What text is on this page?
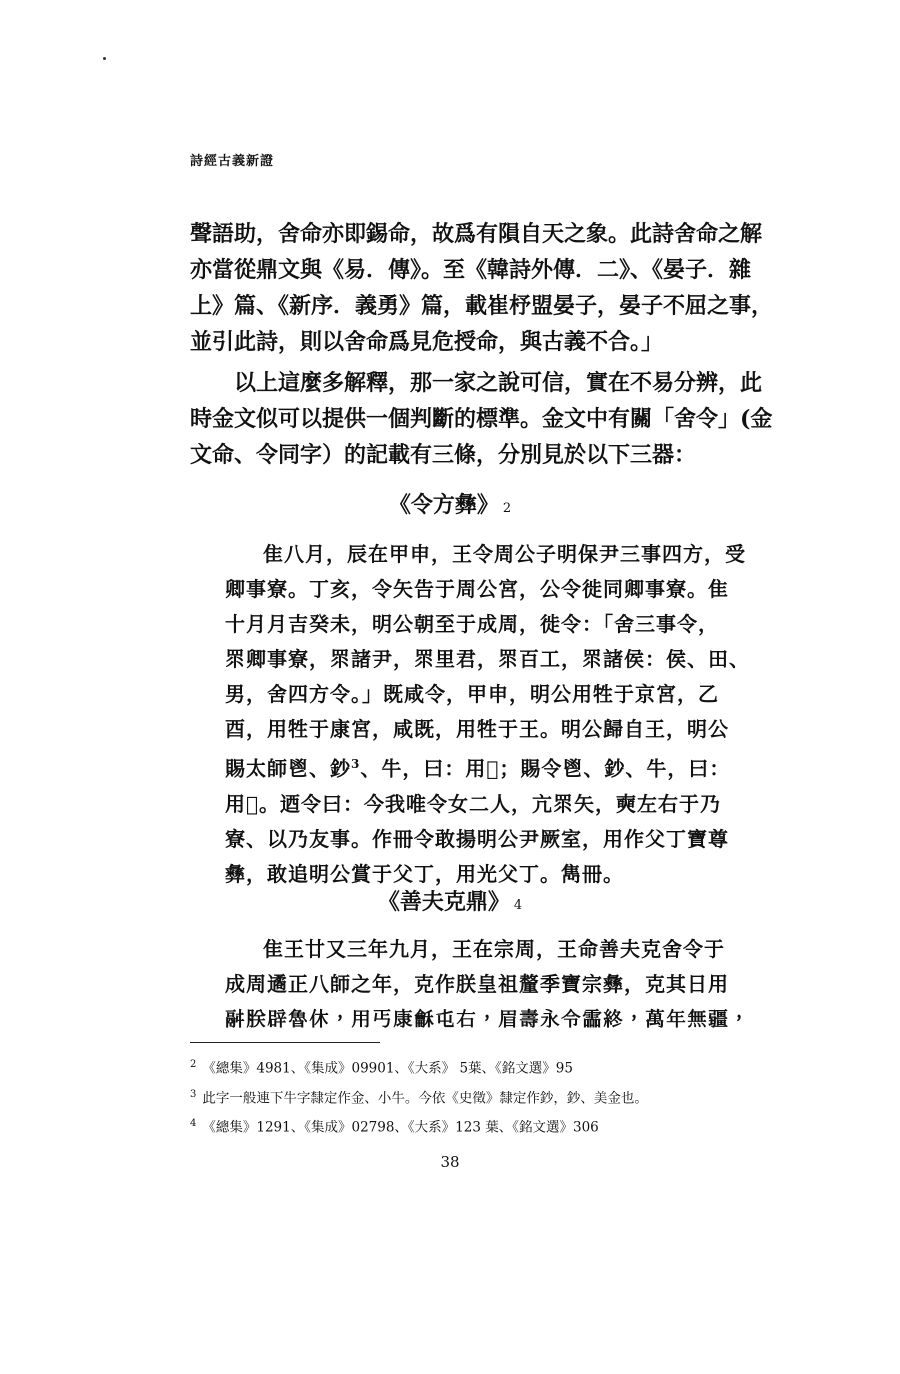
詩經古義新證
聲語助，舍命亦即錫命，故爲有隕自天之象。此詩舍命之解
亦當從鼎文與《易．傳》。至《韓詩外傳．二》、《晏子．雜
上》篇、《新序．義勇》篇，載崔杼盟晏子，晏子不屈之事，
並引此詩，則以舍命爲見危授命，與古義不合。」
以上這麼多解釋，那一家之說可信，實在不易分辨，此
時金文似可以提供一個判斷的標準。金文中有關「舍令」(金
文命、令同字）的記載有三條，分別見於以下三器：
《令方彝》 2
隹八月，辰在甲申，王令周公子明保尹三事四方，受
卿事寮。丁亥，令矢告于周公宮，公令徙同卿事寮。隹
十月月吉癸未，明公朝至于成周，徙令：「舍三事令，
眔卿事寮，眔諸尹，眔里君，眔百工，眔諸侯：侯、田、
男，舍四方令。」既咸令，甲申，明公用牲于京宮，乙
酉，用牲于康宮，咸既，用牲于王。明公歸自王，明公
賜太師鬯、鈔$^3$、牛，曰：用𥛍；賜令鬯、鈔、牛，曰：
用𥛍。迺令曰：今我唯令女二人，亢眔矢，奭左右于乃
寮、以乃友事。作冊令敢揚明公尹厥室，用作父丁寶尊
彝，敢追明公賞于父丁，用光父丁。雋冊。
《善夫克鼎》 4
隹王廿又三年九月，王在宗周，王命善夫克舍令于
成周遹正八師之年，克作朕皇祖釐季寶宗彝，克其日用
𩰫朕辟魯休，用丐康龢屯右，眉壽永令霝終，萬年無疆，
$^2$ 《總集》4981、《集成》09901、《大系》 5葉、《銘文選》95
$^3$ 此字一般連下牛字隸定作金、小牛。今依《史徵》隸定作鈔，鈔、美金也。
$^4$ 《總集》1291、《集成》02798、《大系》123 葉、《銘文選》306
38
